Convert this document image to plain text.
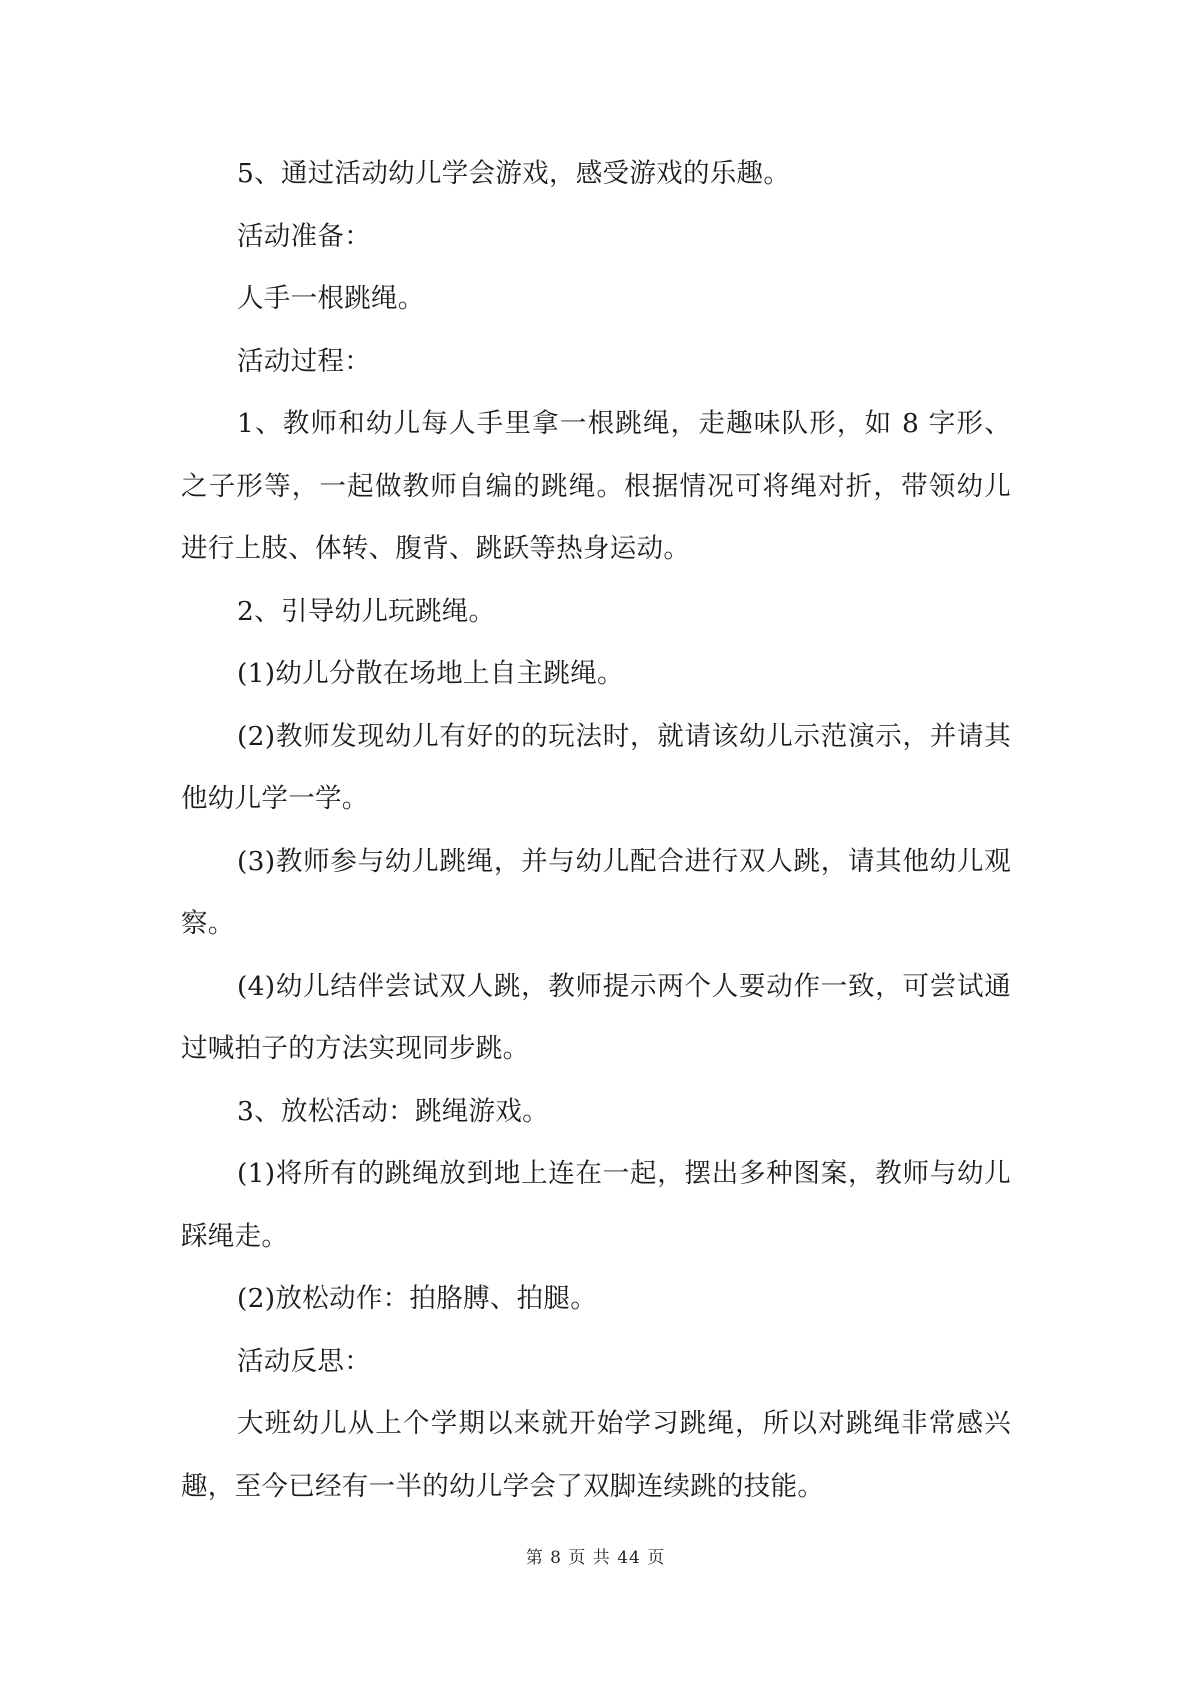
5、通过活动幼儿学会游戏，感受游戏的乐趣。

活动准备：

人手一根跳绳。

活动过程：

1、教师和幼儿每人手里拿一根跳绳，走趣味队形，如 8 字形、之子形等，一起做教师自编的跳绳。根据情况可将绳对折，带领幼儿进行上肢、体转、腹背、跳跃等热身运动。

2、引导幼儿玩跳绳。

(1)幼儿分散在场地上自主跳绳。

(2)教师发现幼儿有好的的玩法时，就请该幼儿示范演示，并请其他幼儿学一学。

(3)教师参与幼儿跳绳，并与幼儿配合进行双人跳，请其他幼儿观察。

(4)幼儿结伴尝试双人跳，教师提示两个人要动作一致，可尝试通过喊拍子的方法实现同步跳。

3、放松活动：跳绳游戏。

(1)将所有的跳绳放到地上连在一起，摆出多种图案，教师与幼儿踩绳走。

(2)放松动作：拍胳膊、拍腿。

活动反思：

大班幼儿从上个学期以来就开始学习跳绳，所以对跳绳非常感兴趣，至今已经有一半的幼儿学会了双脚连续跳的技能。

第 8 页 共 44 页
